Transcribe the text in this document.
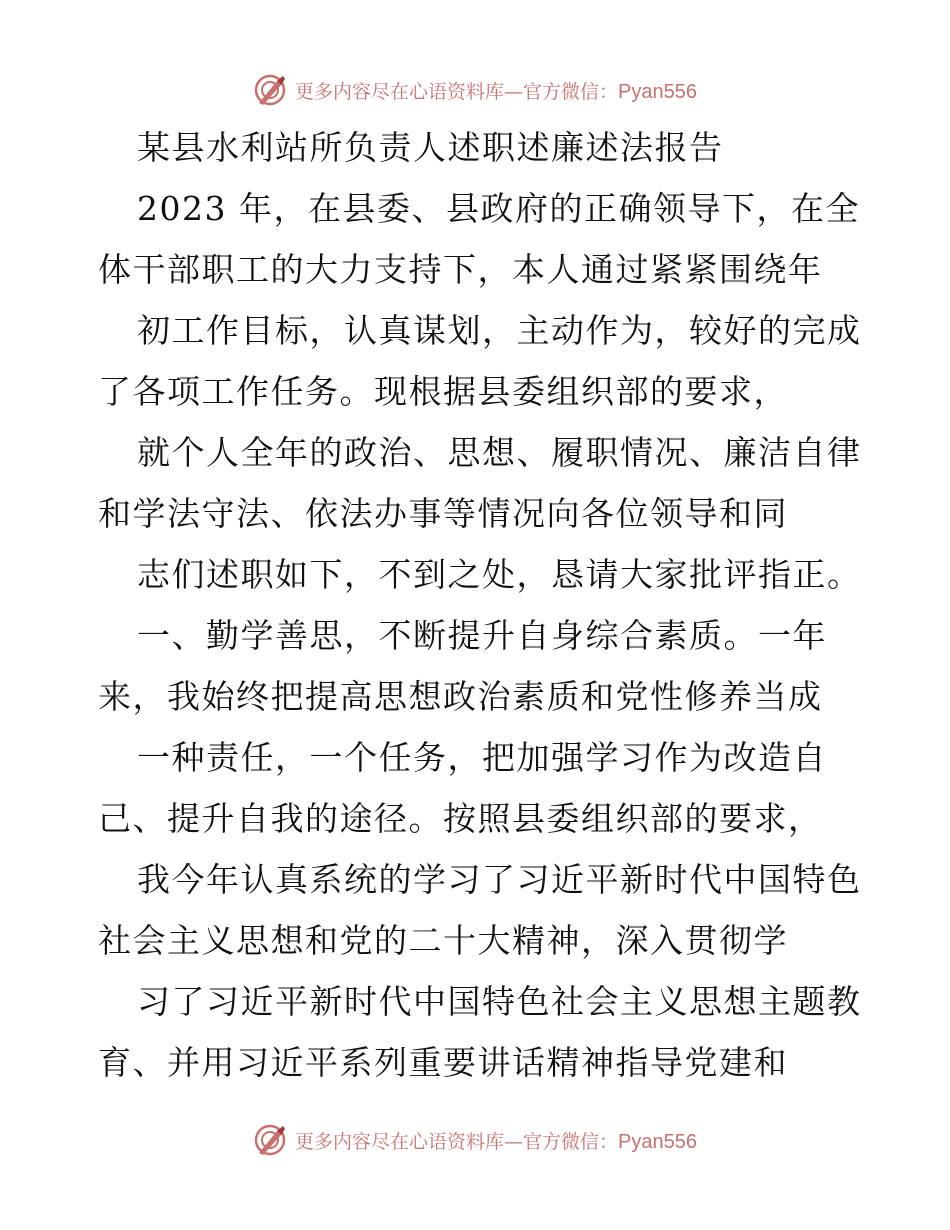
更多内容尽在心语资料库—官方微信：Pyan556
某县水利站所负责人述职述廉述法报告
2023 年，在县委、县政府的正确领导下，在全
体干部职工的大力支持下，本人通过紧紧围绕年
初工作目标，认真谋划，主动作为，较好的完成
了各项工作任务。现根据县委组织部的要求，
就个人全年的政治、思想、履职情况、廉洁自律
和学法守法、依法办事等情况向各位领导和同
志们述职如下，不到之处，恳请大家批评指正。
一、勤学善思，不断提升自身综合素质。一年
来，我始终把提高思想政治素质和党性修养当成
一种责任，一个任务，把加强学习作为改造自
己、提升自我的途径。按照县委组织部的要求，
我今年认真系统的学习了习近平新时代中国特色
社会主义思想和党的二十大精神，深入贯彻学
习了习近平新时代中国特色社会主义思想主题教
育、并用习近平系列重要讲话精神指导党建和
更多内容尽在心语资料库—官方微信：Pyan556
